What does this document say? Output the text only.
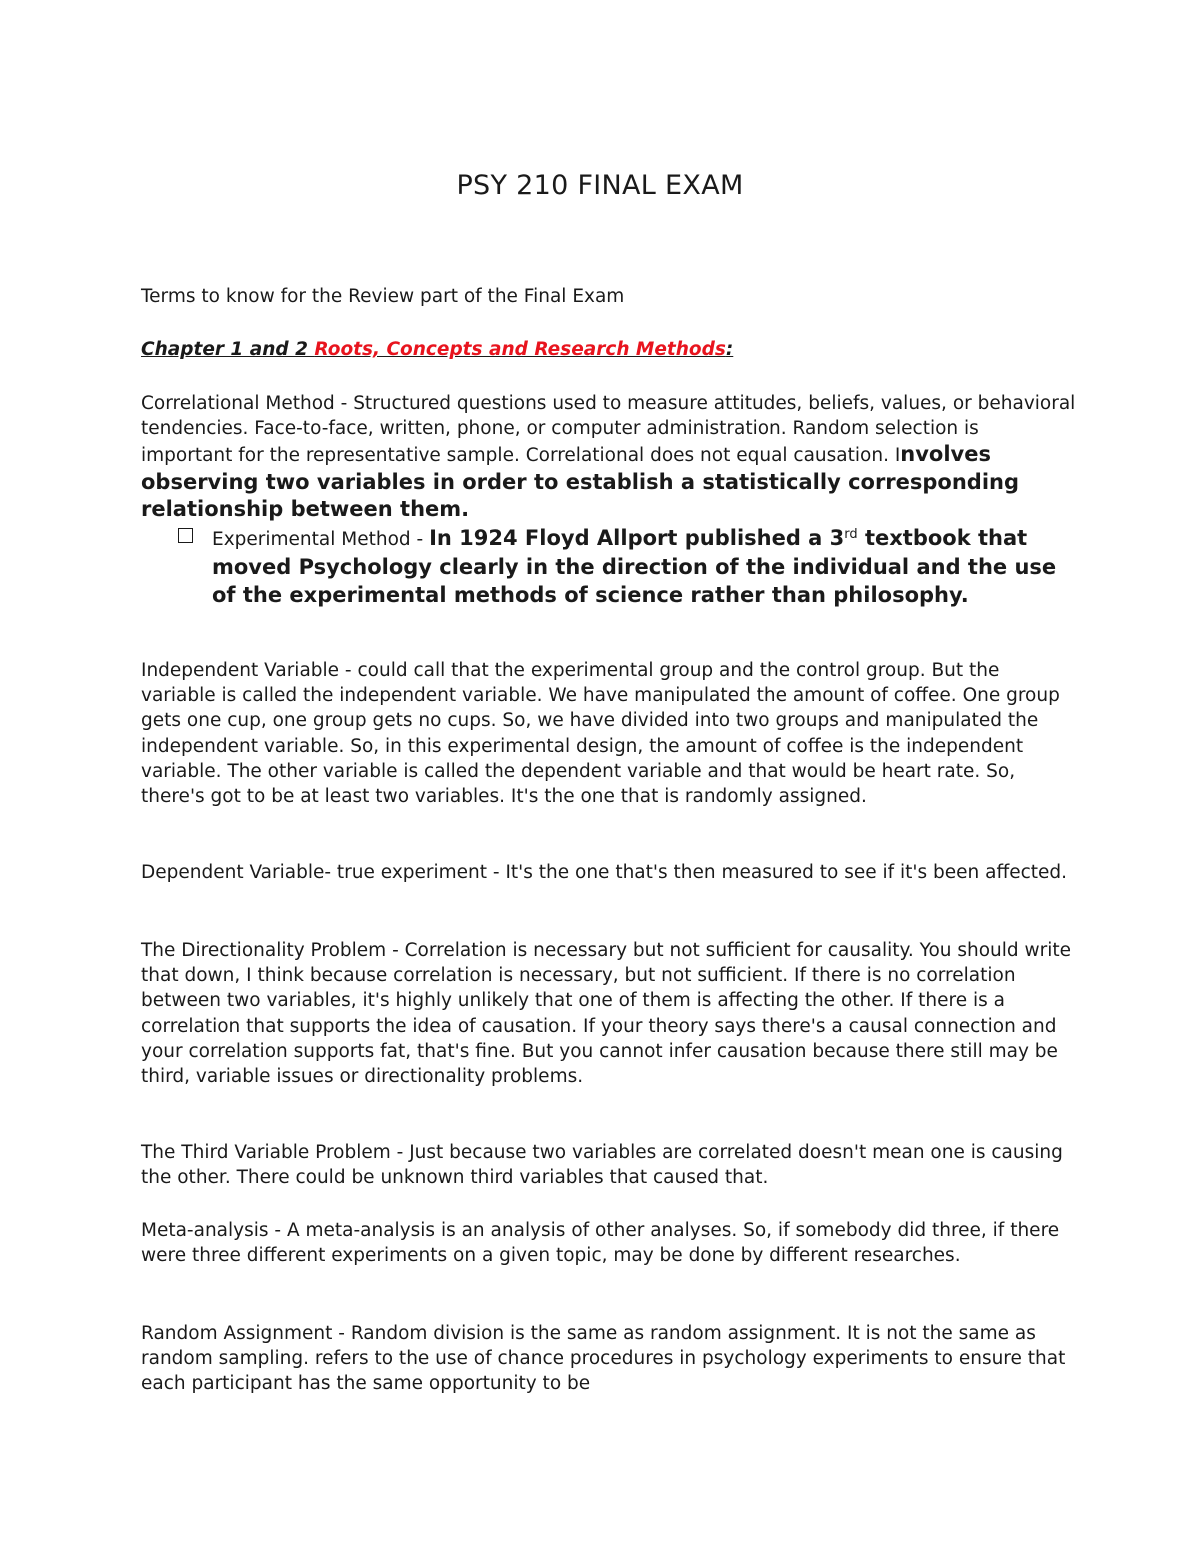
PSY 210 FINAL EXAM
Terms to know for the Review part of the Final Exam
Chapter 1 and 2 Roots, Concepts and Research Methods:
Correlational Method - Structured questions used to measure attitudes, beliefs, values, or behavioral tendencies. Face-to-face, written, phone, or computer administration. Random selection is important for the representative sample. Correlational does not equal causation. Involves observing two variables in order to establish a statistically corresponding relationship between them.
Experimental Method - In 1924 Floyd Allport published a 3rd textbook that moved Psychology clearly in the direction of the individual and the use of the experimental methods of science rather than philosophy.
Independent Variable - could call that the experimental group and the control group. But the variable is called the independent variable. We have manipulated the amount of coffee. One group gets one cup, one group gets no cups. So, we have divided into two groups and manipulated the independent variable. So, in this experimental design, the amount of coffee is the independent variable. The other variable is called the dependent variable and that would be heart rate. So, there's got to be at least two variables. It's the one that is randomly assigned.
Dependent Variable- true experiment - It's the one that's then measured to see if it's been affected.
The Directionality Problem - Correlation is necessary but not sufficient for causality. You should write that down, I think because correlation is necessary, but not sufficient. If there is no correlation between two variables, it's highly unlikely that one of them is affecting the other. If there is a correlation that supports the idea of causation. If your theory says there's a causal connection and your correlation supports fat, that's fine. But you cannot infer causation because there still may be third, variable issues or directionality problems.
The Third Variable Problem - Just because two variables are correlated doesn't mean one is causing the other. There could be unknown third variables that caused that.
Meta-analysis - A meta-analysis is an analysis of other analyses. So, if somebody did three, if there were three different experiments on a given topic, may be done by different researches.
Random Assignment - Random division is the same as random assignment. It is not the same as random sampling. refers to the use of chance procedures in psychology experiments to ensure that each participant has the same opportunity to be
